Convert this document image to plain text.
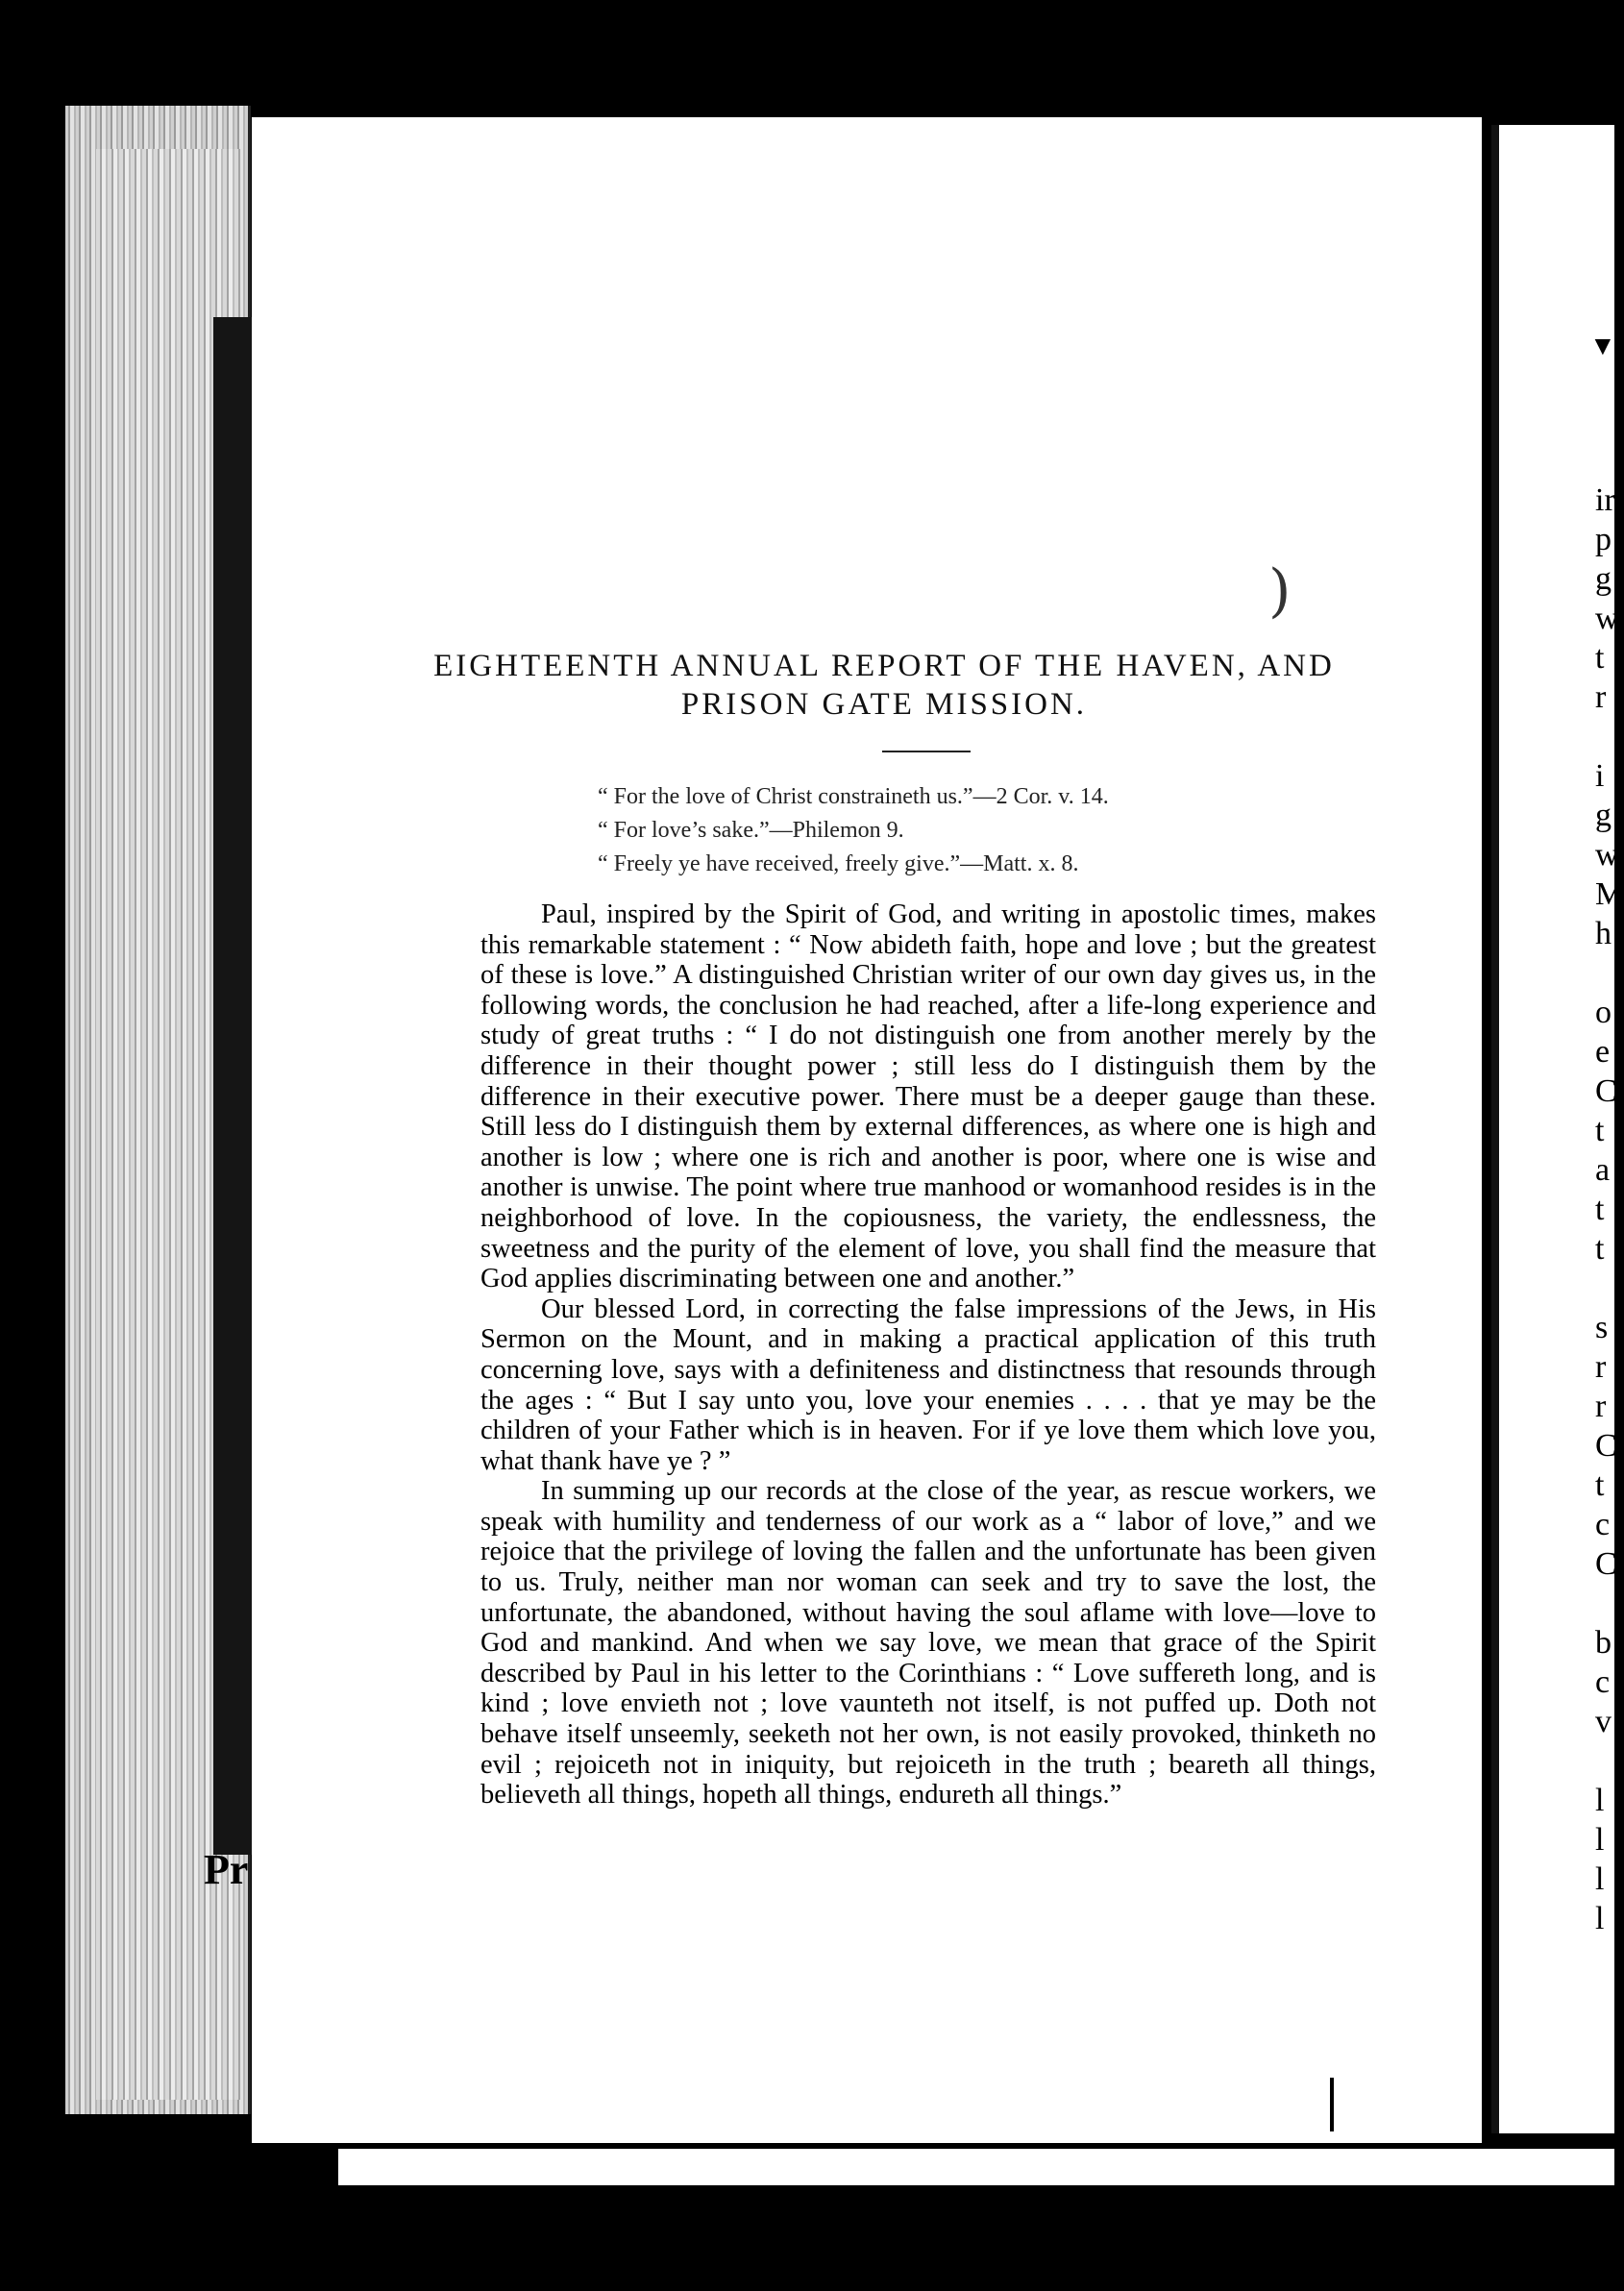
Pr
ir
p
g
w
t
r

i
g
w
M
h

o
e
C
t
a
t
t

s
r
r
C
t
c
C

b
c
v

l
l
l
l
)
▼
EIGHTEENTH ANNUAL REPORT OF THE HAVEN, AND
PRISON GATE MISSION.
“ For the love of Christ constraineth us.”—2 Cor. v. 14.
“ For love’s sake.”—Philemon 9.
“ Freely ye have received, freely give.”—Matt. x. 8.

Paul, inspired by the Spirit of God, and writing in apostolic times, makes this remarkable statement : “ Now abideth faith, hope and love ; but the greatest of these is love.” A distinguished Christian writer of our own day gives us, in the following words, the conclusion he had reached, after a life-long experience and study of great truths : “ I do not distinguish one from another merely by the difference in their thought power ; still less do I distinguish them by the difference in their executive power. There must be a deeper gauge than these. Still less do I distinguish them by external differences, as where one is high and another is low ; where one is rich and another is poor, where one is wise and another is unwise. The point where true manhood or womanhood resides is in the neighborhood of love. In the copiousness, the variety, the endlessness, the sweetness and the purity of the element of love, you shall find the measure that God applies discriminating between one and another.”

Our blessed Lord, in correcting the false impressions of the Jews, in His Sermon on the Mount, and in making a practical application of this truth concerning love, says with a definiteness and distinctness that resounds through the ages : “ But I say unto you, love your enemies . . . . that ye may be the children of your Father which is in heaven. For if ye love them which love you, what thank have ye ? ”

In summing up our records at the close of the year, as rescue workers, we speak with humility and tenderness of our work as a “ labor of love,” and we rejoice that the privilege of loving the fallen and the unfortunate has been given to us. Truly, neither man nor woman can seek and try to save the lost, the unfortunate, the abandoned, without having the soul aflame with love—love to God and mankind. And when we say love, we mean that grace of the Spirit described by Paul in his letter to the Corinthians : “ Love suffereth long, and is kind ; love envieth not ; love vaunteth not itself, is not puffed up. Doth not behave itself unseemly, seeketh not her own, is not easily provoked, thinketh no evil ; rejoiceth not in iniquity, but rejoiceth in the truth ; beareth all things, believeth all things, hopeth all things, endureth all things.”
